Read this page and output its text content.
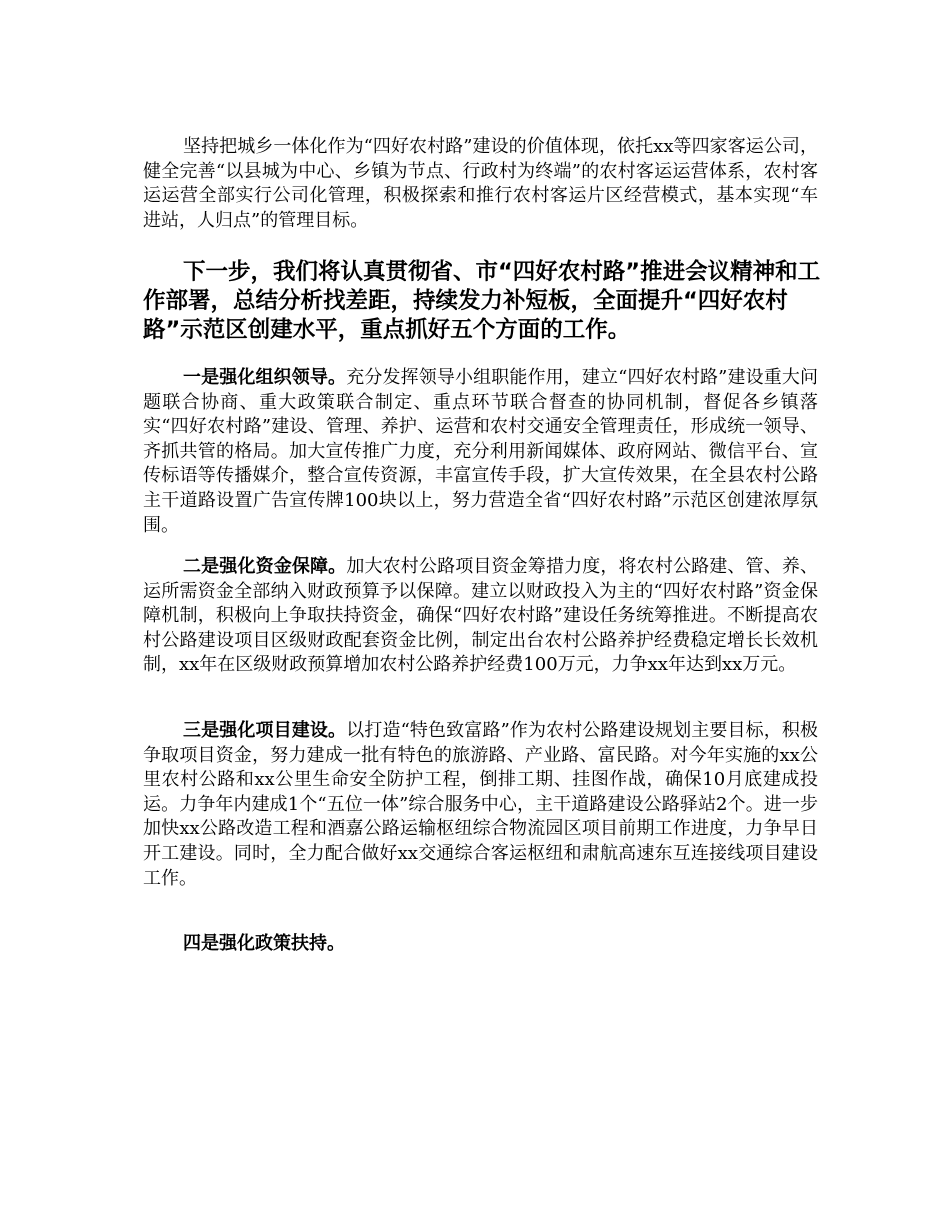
坚持把城乡一体化作为“四好农村路”建设的价值体现，依托xx等四家客运公司，健全完善“以县城为中心、乡镇为节点、行政村为终端”的农村客运运营体系，农村客运运营全部实行公司化管理，积极探索和推行农村客运片区经营模式，基本实现“车进站，人归点”的管理目标。

下一步，我们将认真贯彻省、市“四好农村路”推进会议精神和工作部署，总结分析找差距，持续发力补短板，全面提升“四好农村路”示范区创建水平，重点抓好五个方面的工作。

一是强化组织领导。充分发挥领导小组职能作用，建立“四好农村路”建设重大问题联合协商、重大政策联合制定、重点环节联合督查的协同机制，督促各乡镇落实“四好农村路”建设、管理、养护、运营和农村交通安全管理责任，形成统一领导、齐抓共管的格局。加大宣传推广力度，充分利用新闻媒体、政府网站、微信平台、宣传标语等传播媒介，整合宣传资源，丰富宣传手段，扩大宣传效果，在全县农村公路主干道路设置广告宣传牌100块以上，努力营造全省“四好农村路”示范区创建浓厚氛围。

二是强化资金保障。加大农村公路项目资金筹措力度，将农村公路建、管、养、运所需资金全部纳入财政预算予以保障。建立以财政投入为主的“四好农村路”资金保障机制，积极向上争取扶持资金，确保“四好农村路”建设任务统筹推进。不断提高农村公路建设项目区级财政配套资金比例，制定出台农村公路养护经费稳定增长长效机制，xx年在区级财政预算增加农村公路养护经费100万元，力争xx年达到xx万元。

三是强化项目建设。以打造“特色致富路”作为农村公路建设规划主要目标，积极争取项目资金，努力建成一批有特色的旅游路、产业路、富民路。对今年实施的xx公里农村公路和xx公里生命安全防护工程，倒排工期、挂图作战，确保10月底建成投运。力争年内建成1个“五位一体”综合服务中心，主干道路建设公路驿站2个。进一步加快xx公路改造工程和酒嘉公路运输枢纽综合物流园区项目前期工作进度，力争早日开工建设。同时，全力配合做好xx交通综合客运枢纽和肃航高速东互连接线项目建设工作。

四是强化政策扶持。
